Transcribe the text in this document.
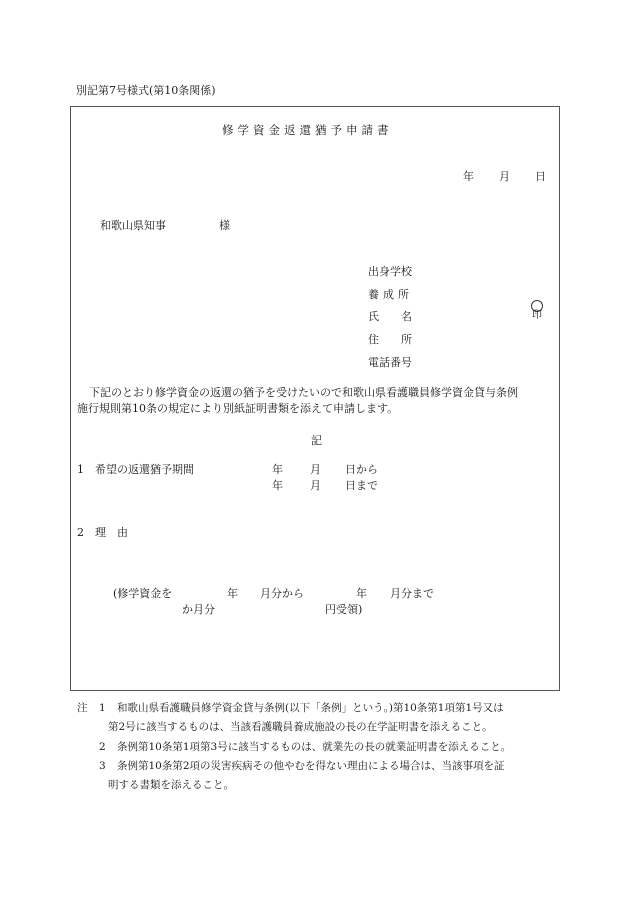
別記第7号様式(第10条関係)
修学資金返還猶予申請書
年 月 日
和歌山県知事	様
出身学校
養成所
氏　　名
住　　所
電話番号
印
下記のとおり修学資金の返還の猶予を受けたいので和歌山県看護職員修学資金貸与条例
施行規則第10条の規定により別紙証明書類を添えて申請します。
記
1　希望の返還猶予期間	年 月 日から
年 月 日まで
2　理　由
(修学資金を	年 月分から	年 月分まで
か月分	円受領)
注 1 和歌山県看護職員修学資金貸与条例(以下「条例」という。)第10条第1項第1号又は
第2号に該当するものは、当該看護職員養成施設の長の在学証明書を添えること。
2 条例第10条第1項第3号に該当するものは、就業先の長の就業証明書を添えること。
3 条例第10条第2項の災害疾病その他やむを得ない理由による場合は、当該事項を証
明する書類を添えること。
